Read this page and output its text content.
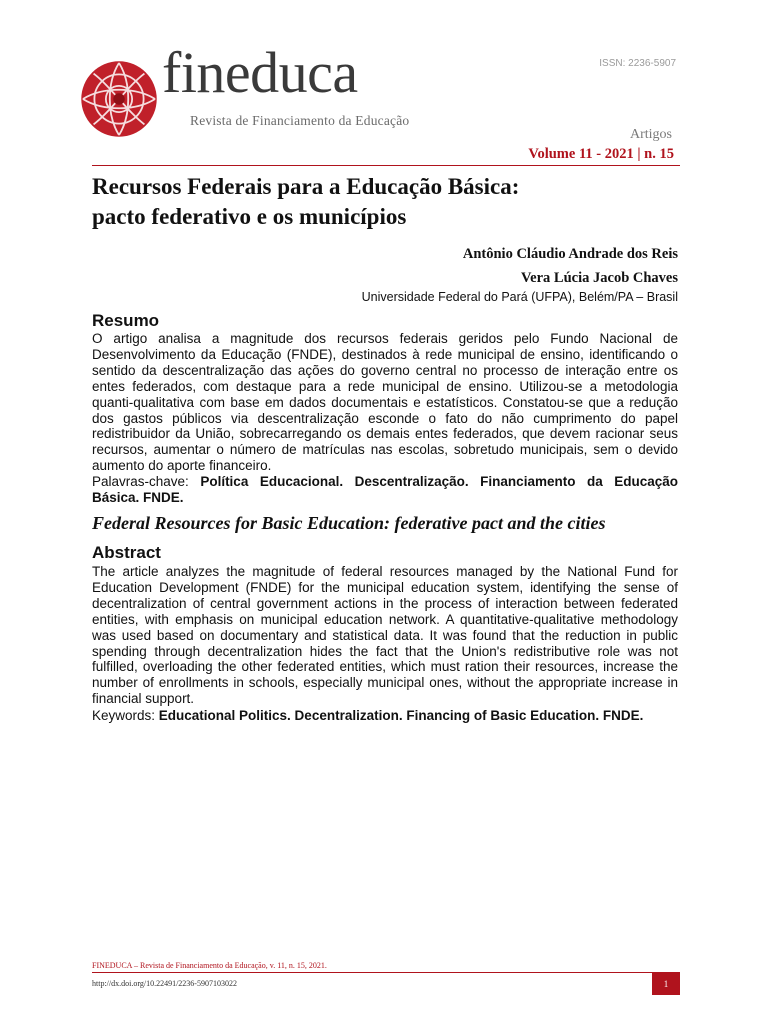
ISSN: 2236-5907
fineduca
Revista de Financiamento da Educação
Artigos
Volume 11 - 2021 | n. 15
Recursos Federais para a Educação Básica:
pacto federativo e os municípios
Antônio Cláudio Andrade dos Reis
Vera Lúcia Jacob Chaves
Universidade Federal do Pará (UFPA), Belém/PA – Brasil
Resumo
O artigo analisa a magnitude dos recursos federais geridos pelo Fundo Nacional de Desenvolvimento da Educação (FNDE), destinados à rede municipal de ensino, identificando o sentido da descentralização das ações do governo central no processo de interação entre os entes federados, com destaque para a rede municipal de ensino. Utilizou-se a metodologia quanti-qualitativa com base em dados documentais e estatísticos. Constatou-se que a redução dos gastos públicos via descentralização esconde o fato do não cumprimento do papel redistribuidor da União, sobrecarregando os demais entes federados, que devem racionar seus recursos, aumentar o número de matrículas nas escolas, sobretudo municipais, sem o devido aumento do aporte financeiro.
Palavras-chave: Política Educacional. Descentralização. Financiamento da Educação Básica. FNDE.
Federal Resources for Basic Education: federative pact and the cities
Abstract
The article analyzes the magnitude of federal resources managed by the National Fund for Education Development (FNDE) for the municipal education system, identifying the sense of decentralization of central government actions in the process of interaction between federated entities, with emphasis on municipal education network. A quantitative-qualitative methodology was used based on documentary and statistical data. It was found that the reduction in public spending through decentralization hides the fact that the Union's redistributive role was not fulfilled, overloading the other federated entities, which must ration their resources, increase the number of enrollments in schools, especially municipal ones, without the appropriate increase in financial support.
Keywords: Educational Politics. Decentralization. Financing of Basic Education. FNDE.
FINEDUCA – Revista de Financiamento da Educação, v. 11, n. 15, 2021.
http://dx.doi.org/10.22491/2236-5907103022	1
